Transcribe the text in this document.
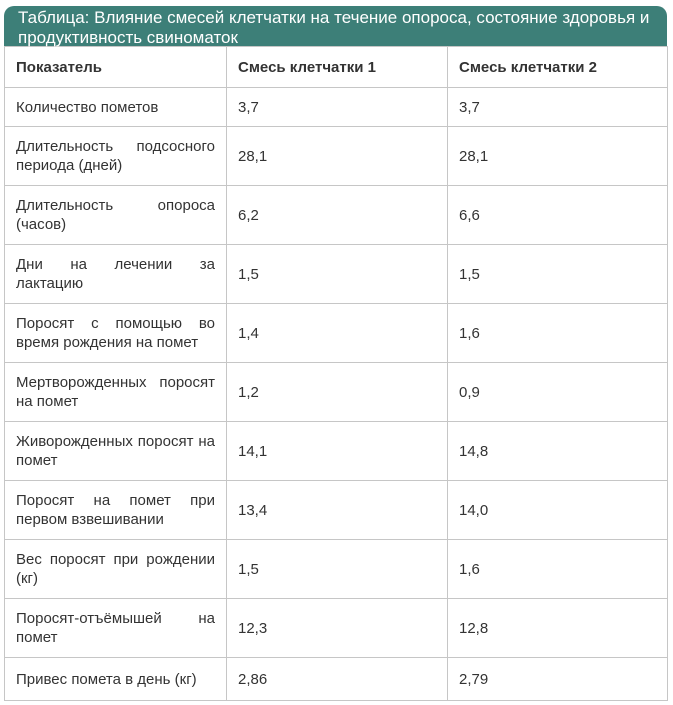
Таблица: Влияние смесей клетчатки на течение опороса, состояние здоровья и продуктивность свиноматок
Показатель	Смесь клетчатки 1	Смесь клетчатки 2
Количество пометов	3,7	3,7
Длительность подсосного периода (дней)	28,1	28,1
Длительность опороса (часов)	6,2	6,6
Дни на лечении за лактацию	1,5	1,5
Поросят с помощью во время рождения на помет	1,4	1,6
Мертворожденных поросят на помет	1,2	0,9
Живорожденных поросят на помет	14,1	14,8
Поросят на помет при первом взвешивании	13,4	14,0
Вес поросят при рождении (кг)	1,5	1,6
Поросят-отъёмышей на помет	12,3	12,8
Привес помета в день (кг)	2,86	2,79
